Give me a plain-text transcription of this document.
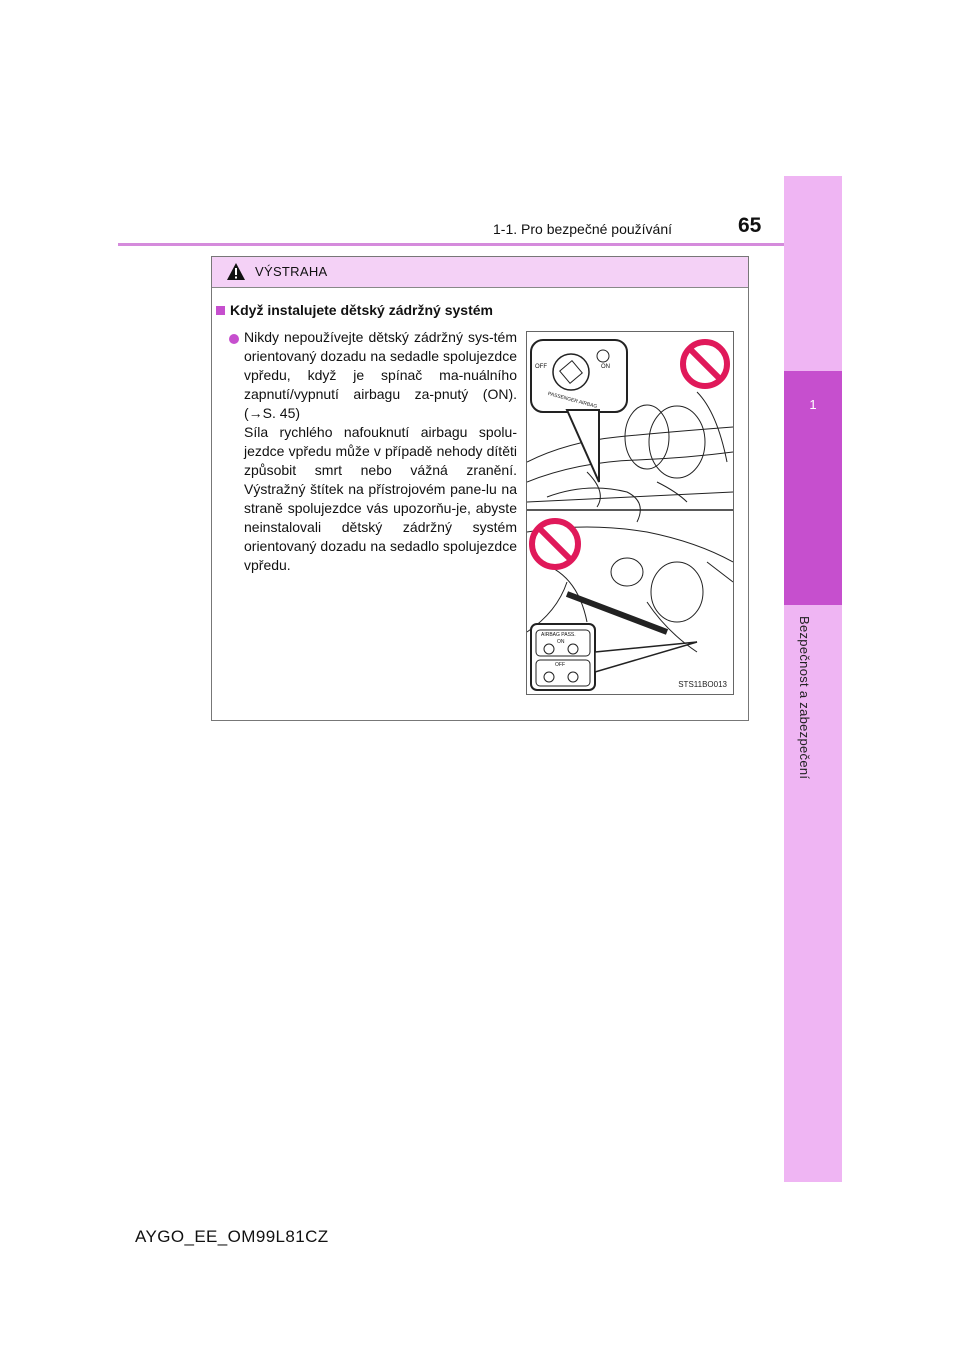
1
Bezpečnost a zabezpečení
1-1. Pro bezpečné používání	65
VÝSTRAHA
Když instalujete dětský zádržný systém

Nikdy nepoužívejte dětský zádržný sys-tém orientovaný dozadu na sedadle spolujezdce vpředu, když je spínač ma-nuálního zapnutí/vypnutí airbagu za-pnutý (ON). (→S. 45)

Síla rychlého nafouknutí airbagu spolu-jezdce vpředu může v případě nehody dítěti způsobit smrt nebo vážná zranění. Výstražný štítek na přístrojovém pane-lu na straně spolujezdce vás upozorňu-je, abyste neinstalovali dětský zádržný systém orientovaný dozadu na sedadlo spolujezdce vpředu.

OFF	ON
PASSENGER AIRBAG
AIRBAG PASS.
ON
OFF
STS11BO013
AYGO_EE_OM99L81CZ
